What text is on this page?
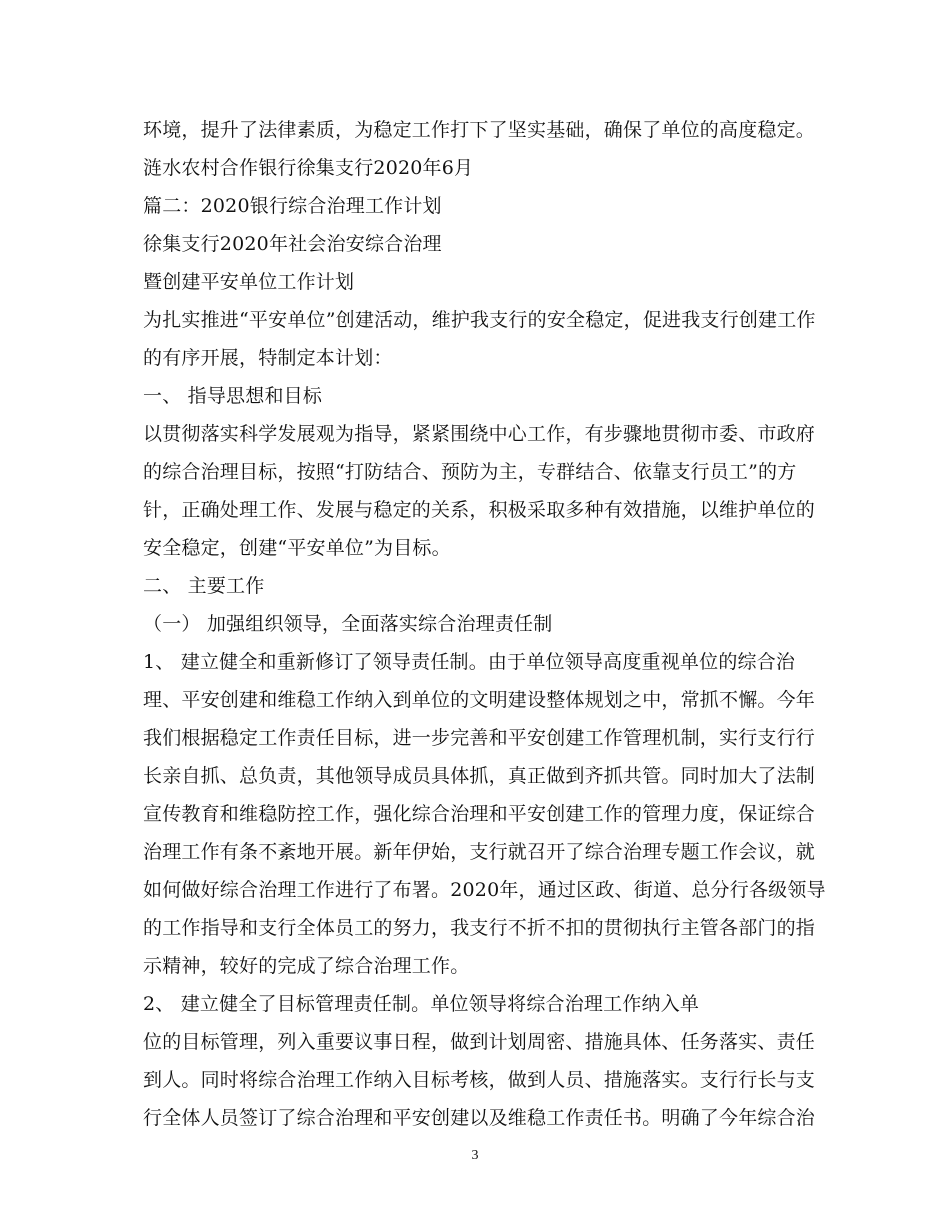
环境，提升了法律素质，为稳定工作打下了坚实基础，确保了单位的高度稳定。
涟水农村合作银行徐集支行2020年6月
篇二：2020银行综合治理工作计划
徐集支行2020年社会治安综合治理
暨创建平安单位工作计划
为扎实推进“平安单位”创建活动，维护我支行的安全稳定，促进我支行创建工作
的有序开展，特制定本计划：
一、 指导思想和目标
以贯彻落实科学发展观为指导，紧紧围绕中心工作，有步骤地贯彻市委、市政府
的综合治理目标，按照“打防结合、预防为主，专群结合、依靠支行员工”的方
针，正确处理工作、发展与稳定的关系，积极采取多种有效措施，以维护单位的
安全稳定，创建“平安单位”为目标。
二、 主要工作
（一） 加强组织领导，全面落实综合治理责任制
1、 建立健全和重新修订了领导责任制。由于单位领导高度重视单位的综合治
理、平安创建和维稳工作纳入到单位的文明建设整体规划之中，常抓不懈。今年
我们根据稳定工作责任目标，进一步完善和平安创建工作管理机制，实行支行行
长亲自抓、总负责，其他领导成员具体抓，真正做到齐抓共管。同时加大了法制
宣传教育和维稳防控工作，强化综合治理和平安创建工作的管理力度，保证综合
治理工作有条不紊地开展。新年伊始，支行就召开了综合治理专题工作会议，就
如何做好综合治理工作进行了布署。2020年，通过区政、街道、总分行各级领导
的工作指导和支行全体员工的努力，我支行不折不扣的贯彻执行主管各部门的指
示精神，较好的完成了综合治理工作。
2、 建立健全了目标管理责任制。单位领导将综合治理工作纳入单
位的目标管理，列入重要议事日程，做到计划周密、措施具体、任务落实、责任
到人。同时将综合治理工作纳入目标考核，做到人员、措施落实。支行行长与支
行全体人员签订了综合治理和平安创建以及维稳工作责任书。明确了今年综合治
3
